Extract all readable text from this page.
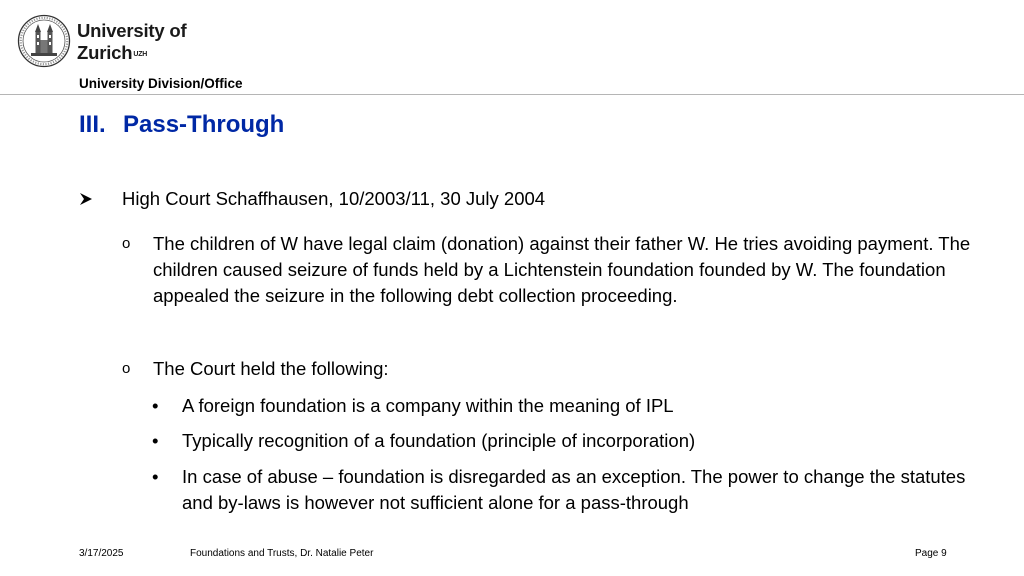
University of
Zurich$^{UZH}$
University Division/Office
III. Pass-Through
High Court Schaffhausen, 10/2003/11, 30 July 2004
o The children of W have legal claim (donation) against their father W. He tries avoiding payment. The children caused seizure of funds held by a Lichtenstein foundation founded by W. The foundation appealed the seizure in the following debt collection proceeding.
o The Court held the following:
• A foreign foundation is a company within the meaning of IPL
• Typically recognition of a foundation (principle of incorporation)
• In case of abuse – foundation is disregarded as an exception. The power to change the statutes and by-laws is however not sufficient alone for a pass-through
3/17/2025	Foundations and Trusts, Dr. Natalie Peter	Page 9
